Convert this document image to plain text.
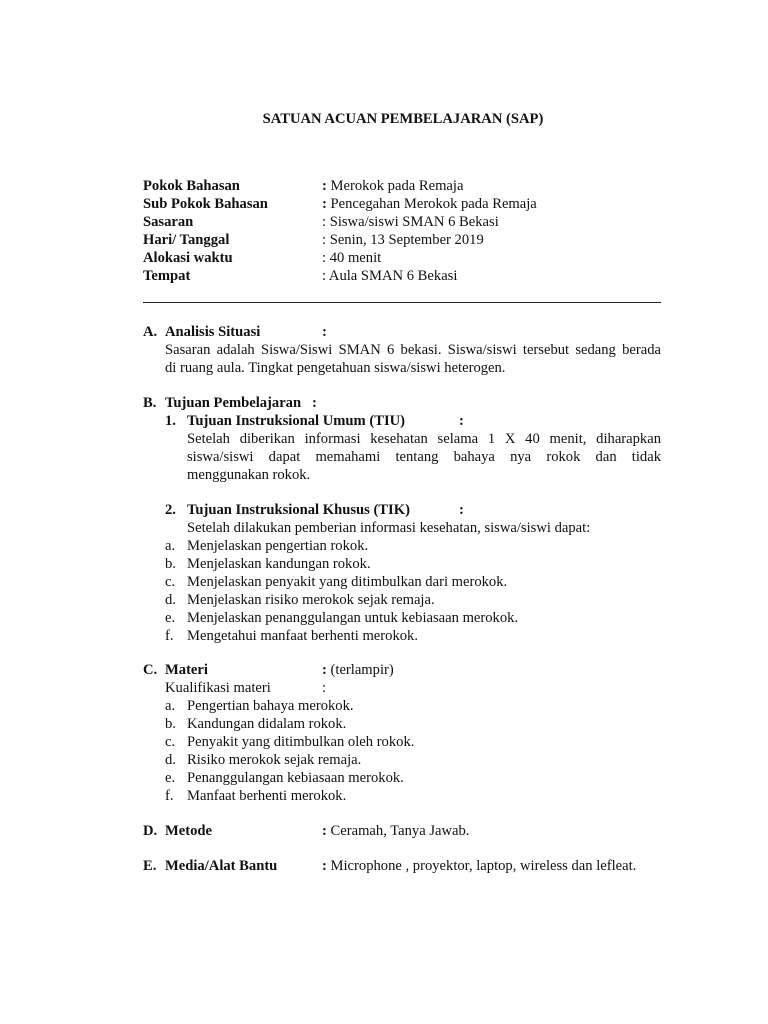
SATUAN ACUAN PEMBELAJARAN (SAP)
Pokok Bahasan	: Merokok pada Remaja
Sub Pokok Bahasan	: Pencegahan Merokok pada Remaja
Sasaran	: Siswa/siswi SMAN 6 Bekasi
Hari/ Tanggal	: Senin, 13 September 2019
Alokasi waktu	: 40 menit
Tempat	: Aula SMAN 6 Bekasi
A. Analisis Situasi	:
Sasaran adalah Siswa/Siswi SMAN 6 bekasi. Siswa/siswi tersebut sedang berada
di ruang aula. Tingkat pengetahuan siswa/siswi heterogen.
B. Tujuan Pembelajaran :
1. Tujuan Instruksional Umum (TIU)	:
Setelah diberikan informasi kesehatan selama 1 X 40 menit, diharapkan
siswa/siswi dapat memahami tentang bahaya nya rokok dan tidak
menggunakan rokok.
2. Tujuan Instruksional Khusus (TIK)	:
Setelah dilakukan pemberian informasi kesehatan, siswa/siswi dapat:
a. Menjelaskan pengertian rokok.
b. Menjelaskan kandungan rokok.
c. Menjelaskan penyakit yang ditimbulkan dari merokok.
d. Menjelaskan risiko merokok sejak remaja.
e. Menjelaskan penanggulangan untuk kebiasaan merokok.
f. Mengetahui manfaat berhenti merokok.
C. Materi	: (terlampir)
Kualifikasi materi	:
a. Pengertian bahaya merokok.
b. Kandungan didalam rokok.
c. Penyakit yang ditimbulkan oleh rokok.
d. Risiko merokok sejak remaja.
e. Penanggulangan kebiasaan merokok.
f. Manfaat berhenti merokok.
D. Metode	: Ceramah, Tanya Jawab.
E. Media/Alat Bantu	: Microphone , proyektor, laptop, wireless dan lefleat.
